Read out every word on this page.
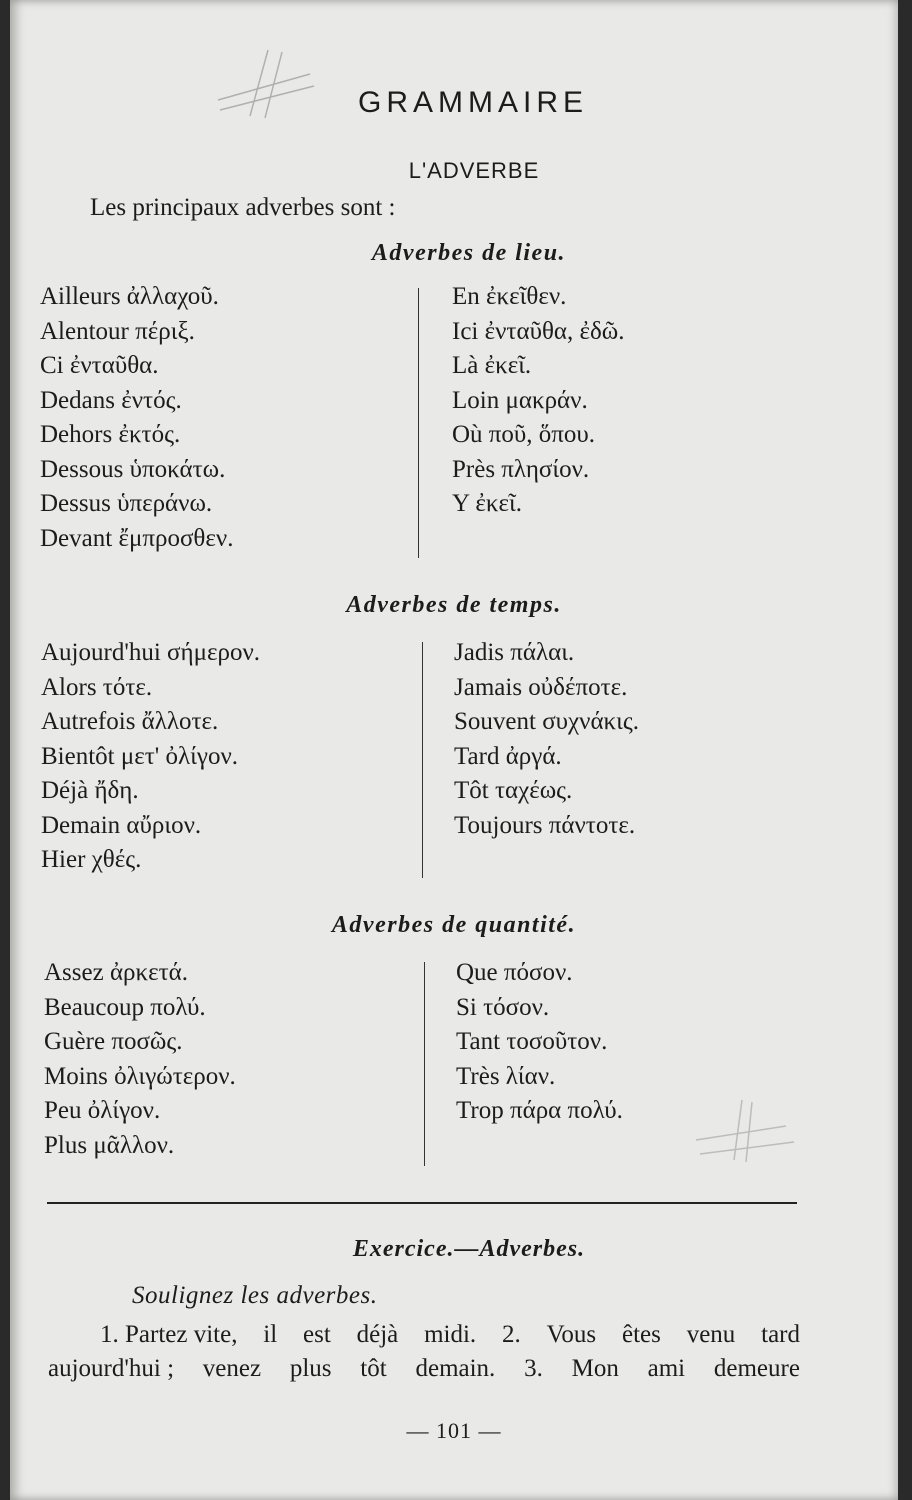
GRAMMAIRE
L'ADVERBE
Les principaux adverbes sont :
Adverbes de lieu.
Ailleurs ἀλλαχοῦ.
Alentour πέριξ.
Ci ἐνταῦθα.
Dedans ἐντός.
Dehors ἐκτός.
Dessous ὑποκάτω.
Dessus ὑπεράνω.
Devant ἔμπροσθεν.
En ἐκεῖθεν.
Ici ἐνταῦθα, ἐδῶ.
Là ἐκεῖ.
Loin μακράν.
Où ποῦ, ὅπου.
Près πλησίον.
Y ἐκεῖ.
Adverbes de temps.
Aujourd'hui σήμερον.
Alors τότε.
Autrefois ἄλλοτε.
Bientôt μετ' ὀλίγον.
Déjà ἤδη.
Demain αὔριον.
Hier χθές.
Jadis πάλαι.
Jamais οὐδέποτε.
Souvent συχνάκις.
Tard ἀργά.
Tôt ταχέως.
Toujours πάντοτε.
Adverbes de quantité.
Assez ἀρκετά.
Beaucoup πολύ.
Guère ποσῶς.
Moins ὀλιγώτερον.
Peu ὀλίγον.
Plus μᾶλλον.
Que πόσον.
Si τόσον.
Tant τοσοῦτον.
Très λίαν.
Trop πάρα πολύ.
Exercice.—Adverbes.
Soulignez les adverbes.
1. Partez vite, il est déjà midi. 2. Vous êtes venu tard
aujourd'hui ; venez plus tôt demain. 3. Mon ami demeure
— 101 —
